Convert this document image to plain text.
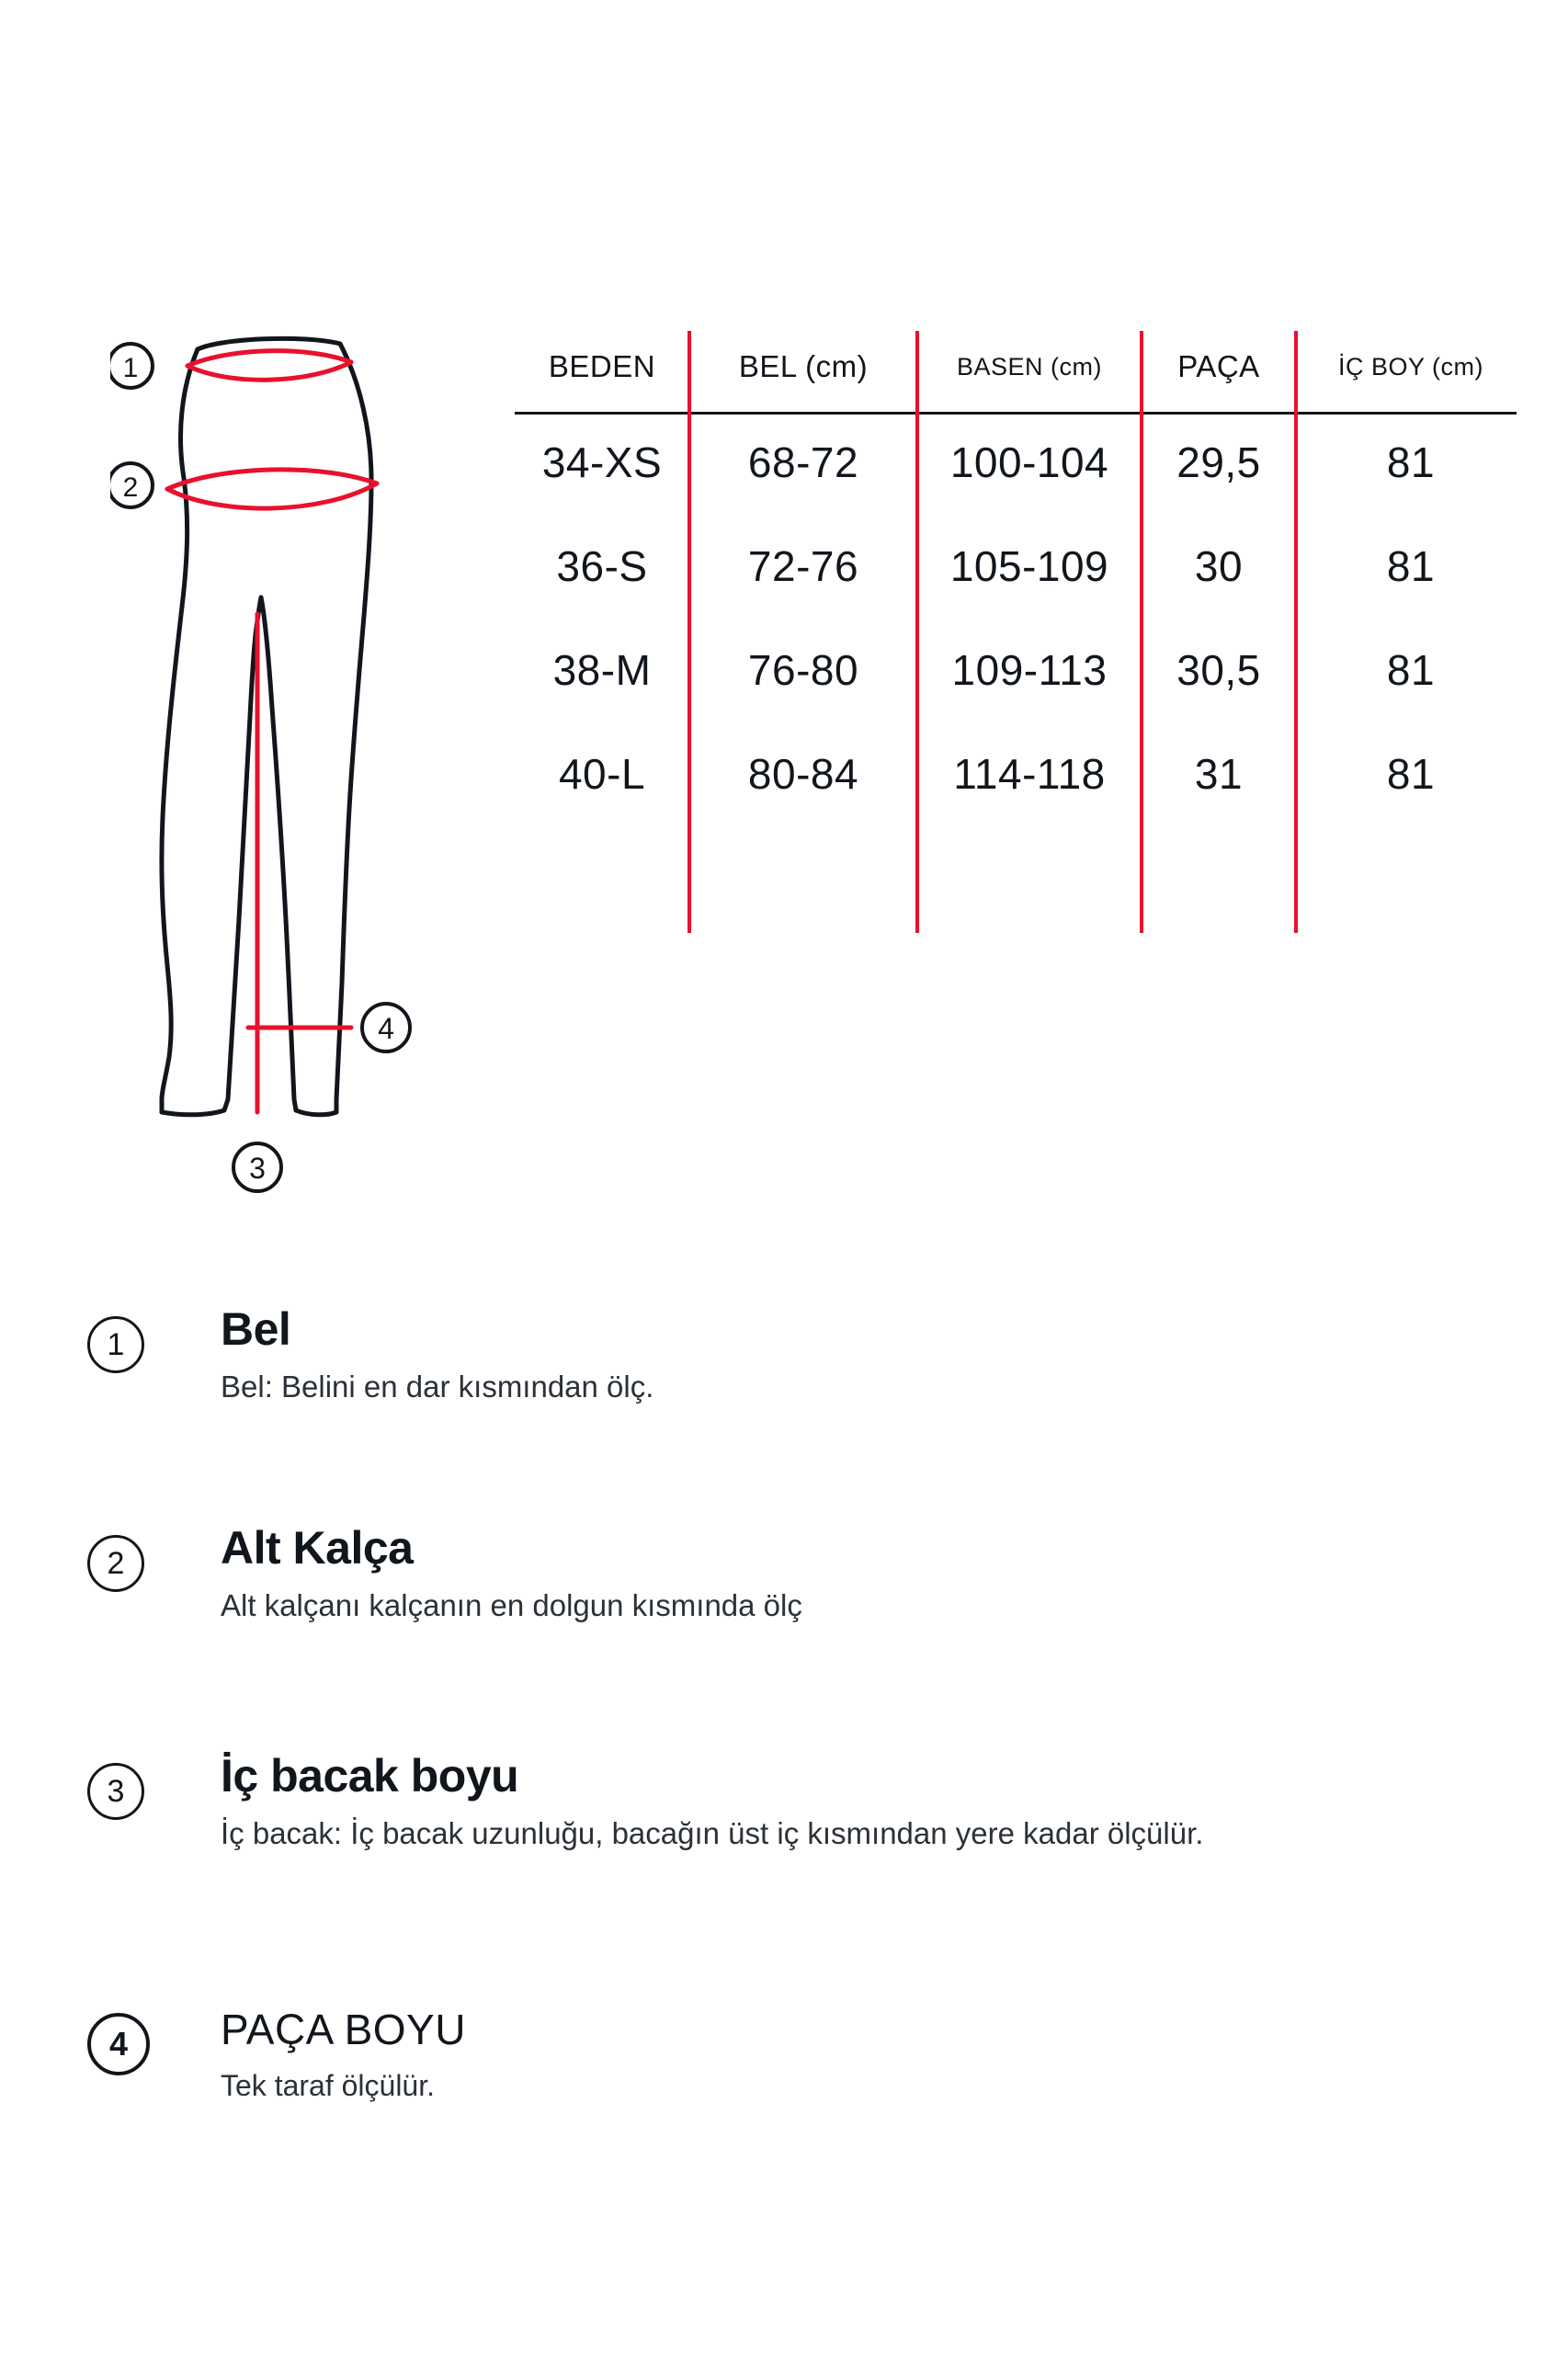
1
2
3
4
BEDEN	BEL (cm)	BASEN (cm)	PAÇA	İÇ BOY (cm)
34-XS	68-72	100-104	29,5	81
36-S	72-76	105-109	30	81
38-M	76-80	109-113	30,5	81
40-L	80-84	114-118	31	81
1	Bel
Bel: Belini en dar kısmından ölç.
2	Alt Kalça
Alt kalçanı kalçanın en dolgun kısmında ölç
3	İç bacak boyu
İç bacak: İç bacak uzunluğu, bacağın üst iç kısmından yere kadar ölçülür.
4	PAÇA BOYU
Tek taraf ölçülür.
